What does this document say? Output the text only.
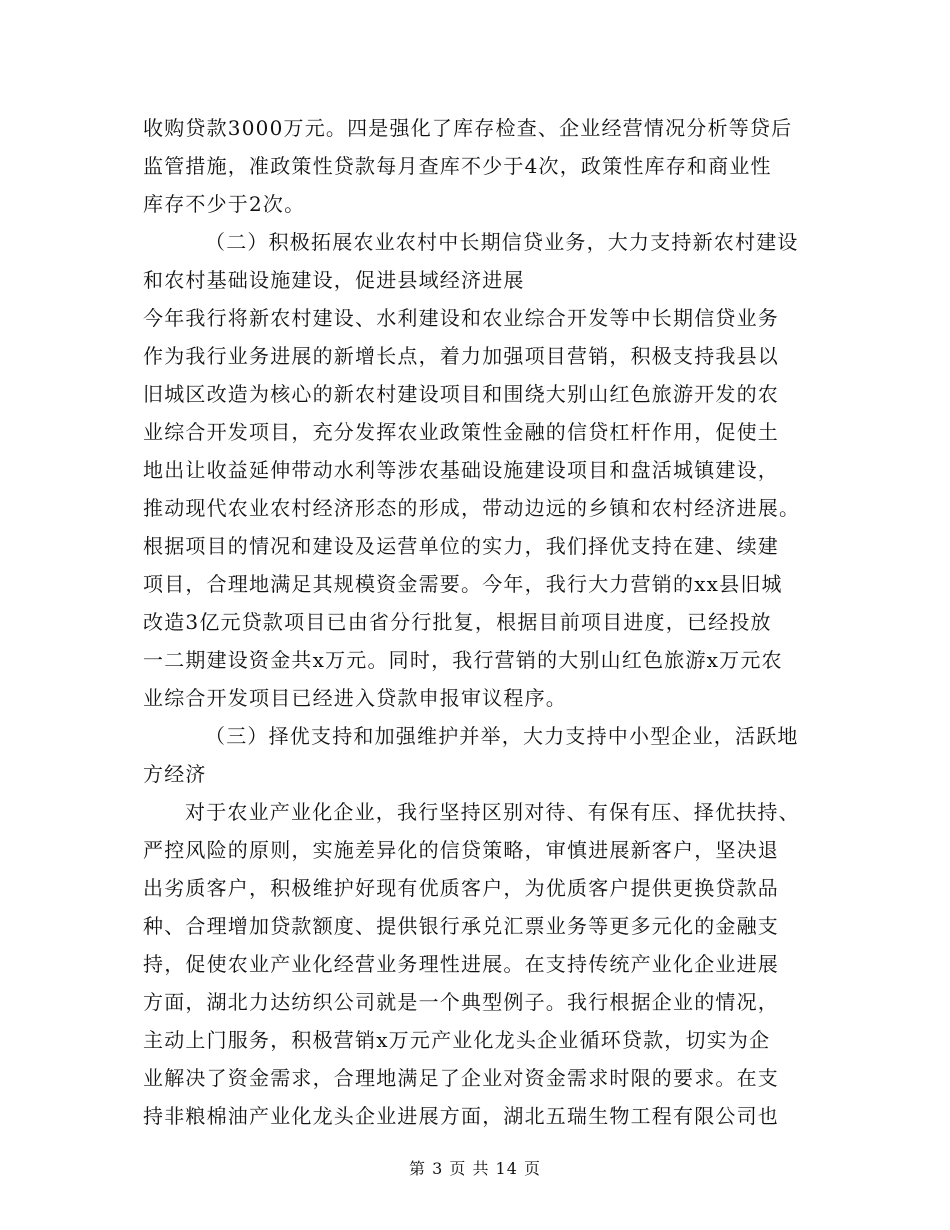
收购贷款3000万元。四是强化了库存检查、企业经营情况分析等贷后
监管措施，准政策性贷款每月查库不少于4次，政策性库存和商业性
库存不少于2次。
（二）积极拓展农业农村中长期信贷业务，大力支持新农村建设
和农村基础设施建设，促进县域经济进展
今年我行将新农村建设、水利建设和农业综合开发等中长期信贷业务
作为我行业务进展的新增长点，着力加强项目营销，积极支持我县以
旧城区改造为核心的新农村建设项目和围绕大别山红色旅游开发的农
业综合开发项目，充分发挥农业政策性金融的信贷杠杆作用，促使土
地出让收益延伸带动水利等涉农基础设施建设项目和盘活城镇建设，
推动现代农业农村经济形态的形成，带动边远的乡镇和农村经济进展。
根据项目的情况和建设及运营单位的实力，我们择优支持在建、续建
项目，合理地满足其规模资金需要。今年，我行大力营销的xx县旧城
改造3亿元贷款项目已由省分行批复，根据目前项目进度，已经投放
一二期建设资金共x万元。同时，我行营销的大别山红色旅游x万元农
业综合开发项目已经进入贷款申报审议程序。
（三）择优支持和加强维护并举，大力支持中小型企业，活跃地
方经济
对于农业产业化企业，我行坚持区别对待、有保有压、择优扶持、
严控风险的原则，实施差异化的信贷策略，审慎进展新客户，坚决退
出劣质客户，积极维护好现有优质客户，为优质客户提供更换贷款品
种、合理增加贷款额度、提供银行承兑汇票业务等更多元化的金融支
持，促使农业产业化经营业务理性进展。在支持传统产业化企业进展
方面，湖北力达纺织公司就是一个典型例子。我行根据企业的情况，
主动上门服务，积极营销x万元产业化龙头企业循环贷款，切实为企
业解决了资金需求，合理地满足了企业对资金需求时限的要求。在支
持非粮棉油产业化龙头企业进展方面，湖北五瑞生物工程有限公司也
第 3 页 共 14 页
